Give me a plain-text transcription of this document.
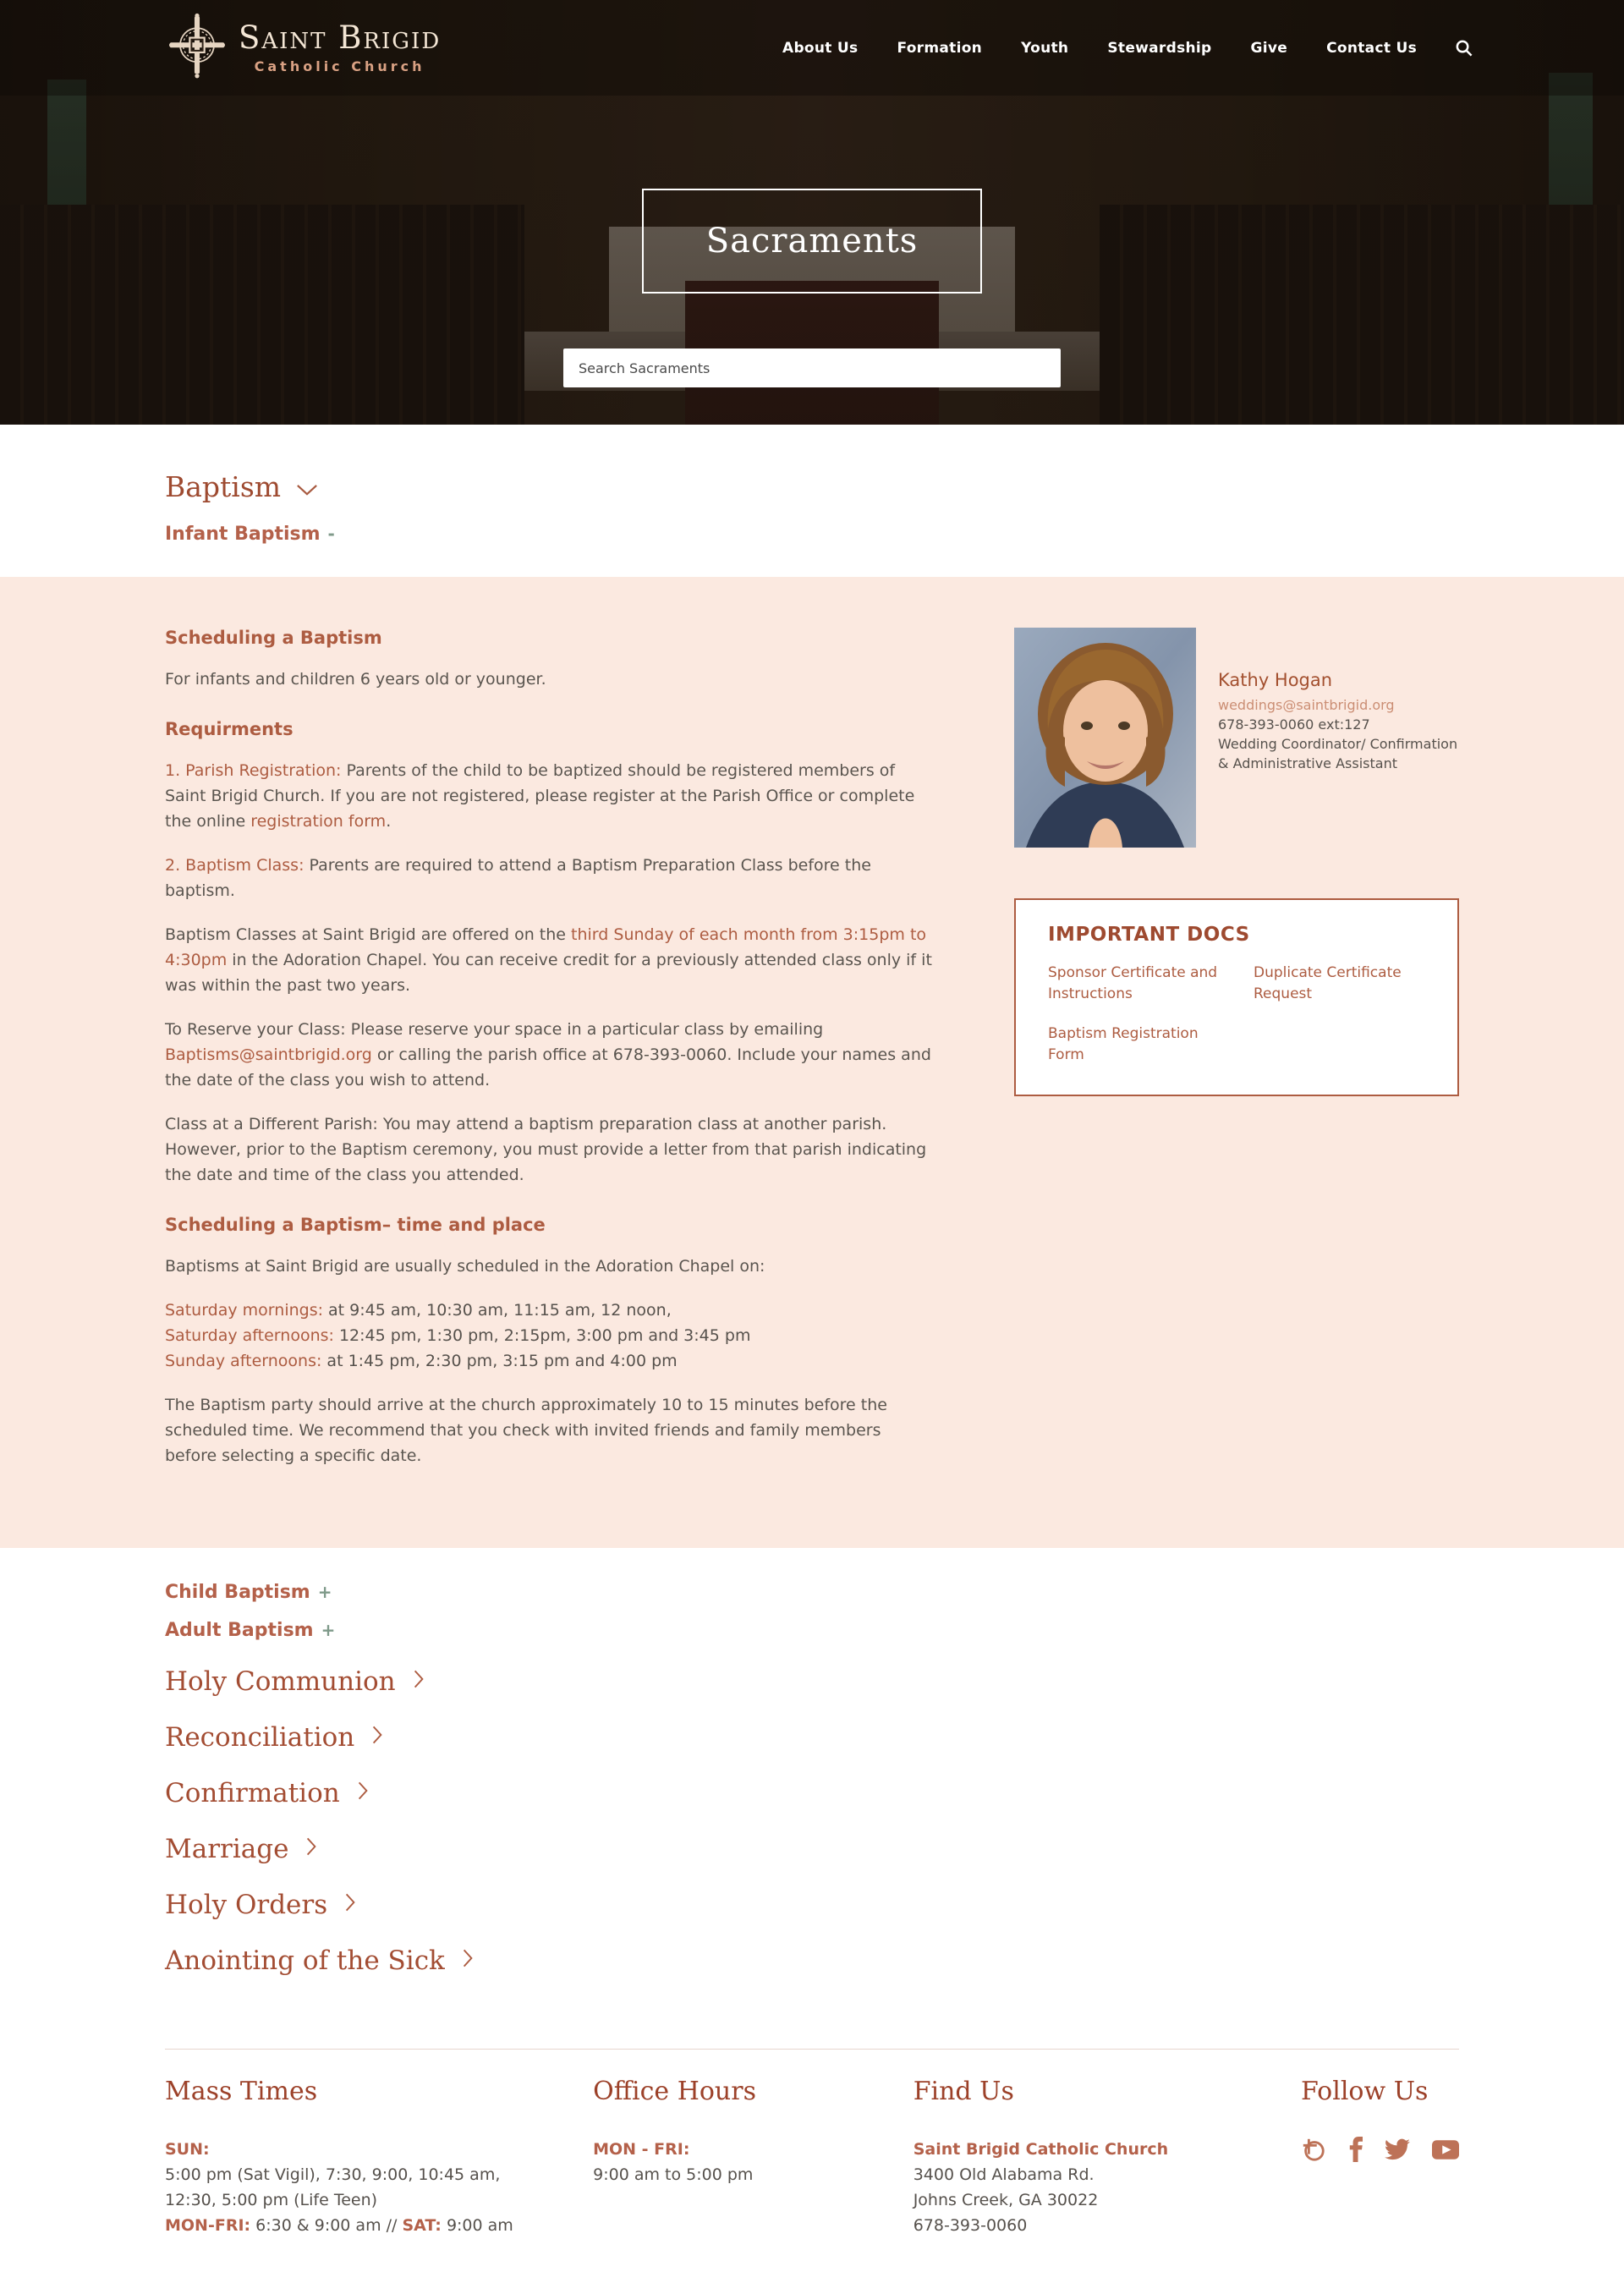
Saint Brigid
Catholic Church
About Us	Formation	Youth	Stewardship	Give	Contact Us
Sacraments
Search Sacraments
Baptism
Infant Baptism -
Scheduling a Baptism

For infants and children 6 years old or younger.

Requirments

1. Parish Registration: Parents of the child to be baptized should be registered members of Saint Brigid Church. If you are not registered, please register at the Parish Office or complete the online registration form.

2. Baptism Class: Parents are required to attend a Baptism Preparation Class before the baptism.

Baptism Classes at Saint Brigid are offered on the third Sunday of each month from 3:15pm to 4:30pm in the Adoration Chapel. You can receive credit for a previously attended class only if it was within the past two years.

To Reserve your Class: Please reserve your space in a particular class by emailing Baptisms@saintbrigid.org or calling the parish office at 678-393-0060. Include your names and the date of the class you wish to attend.

Class at a Different Parish: You may attend a baptism preparation class at another parish. However, prior to the Baptism ceremony, you must provide a letter from that parish indicating the date and time of the class you attended.

Scheduling a Baptism– time and place

Baptisms at Saint Brigid are usually scheduled in the Adoration Chapel on:

Saturday mornings: at 9:45 am, 10:30 am, 11:15 am, 12 noon,
Saturday afternoons: 12:45 pm, 1:30 pm, 2:15pm, 3:00 pm and 3:45 pm
Sunday afternoons: at 1:45 pm, 2:30 pm, 3:15 pm and 4:00 pm

The Baptism party should arrive at the church approximately 10 to 15 minutes before the scheduled time. We recommend that you check with invited friends and family members before selecting a specific date.

Kathy Hogan

weddings@saintbrigid.org

678-393-0060 ext:127

Wedding Coordinator/ Confirmation & Administrative Assistant

IMPORTANT DOCS
Sponsor Certificate and Instructions
Duplicate Certificate Request
Baptism Registration Form
Child Baptism +
Adult Baptism +
Holy Communion
Reconciliation
Confirmation
Marriage
Holy Orders
Anointing of the Sick
Mass Times

SUN:

5:00 pm (Sat Vigil), 7:30, 9:00, 10:45 am,
12:30, 5:00 pm (Life Teen)

MON-FRI: 6:30 & 9:00 am // SAT: 9:00 am

Office Hours

MON - FRI:

9:00 am to 5:00 pm

Find Us

Saint Brigid Catholic Church

3400 Old Alabama Rd.

Johns Creek, GA 30022

678-393-0060

Follow Us
